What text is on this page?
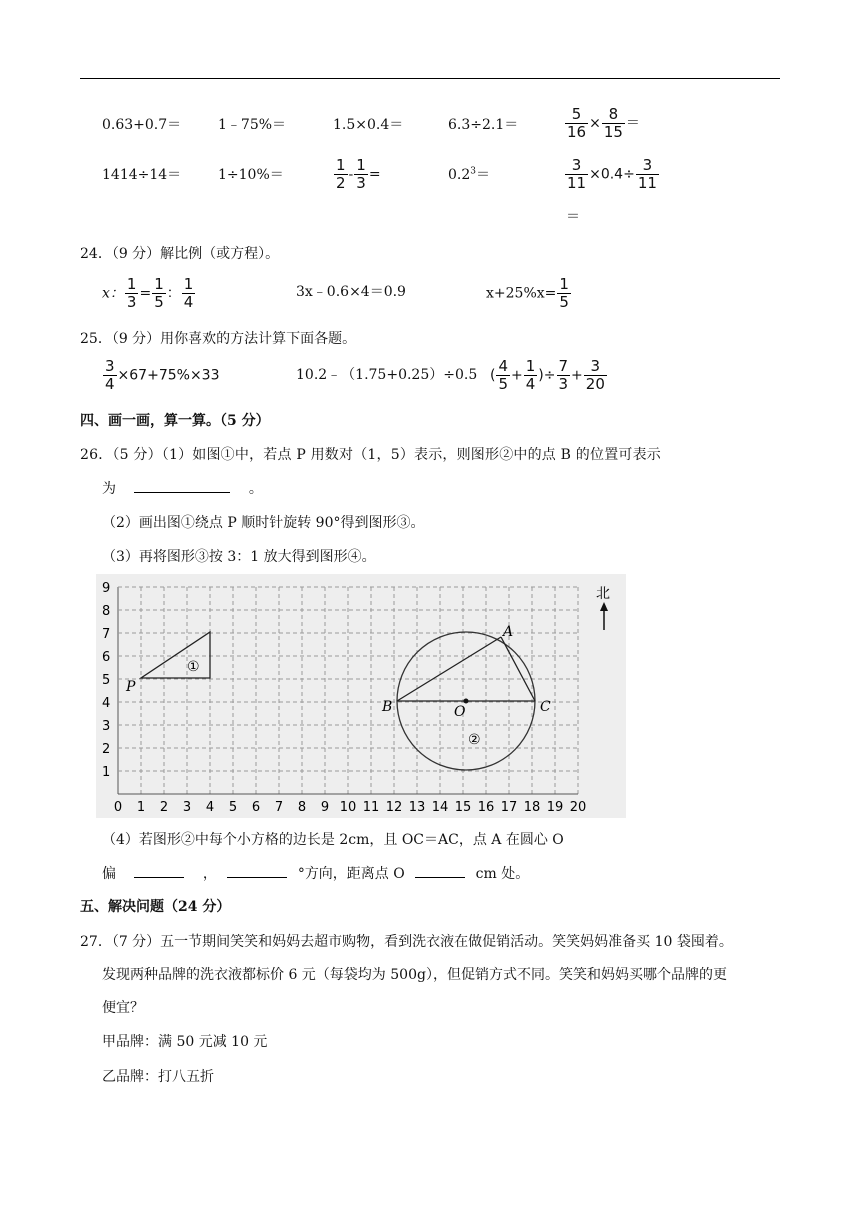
0.63+0.7＝	1﹣75%＝	1.5×0.4＝	6.3÷2.1＝	$\frac{5}{16} \times \frac{8}{15}$ ＝
1414÷14＝	1÷10%＝	$\frac{1}{2} - \frac{1}{3}$ =	$0.2^3=$	$\frac{3}{11} \times 0.4\div \frac{3}{11}$
＝
24．（9 分）解比例（或方程）。
x： $\frac{1}{3} = \frac{1}{5}$ ： $\frac{1}{4}$	3x﹣0.6×4＝0.9	$x+25\%x= \frac{1}{5}$
25．（9 分）用你喜欢的方法计算下面各题。
$\frac{3}{4} \times 67+75\%\times 33$	10.2﹣（1.75+0.25）÷0.5 ( $\frac{4}{5} + \frac{1}{4}$ )÷ $\frac{7}{3} + \frac{3}{20}$
四、画一画，算一算。（5 分）
26．（5 分）（1）如图①中，若点 P 用数对（1，5）表示，则图形②中的点 B 的位置可表示
为	。
（2）画出图①绕点 P 顺时针旋转 90°得到图形③。
（3）再将图形③按 3：1 放大得到图形④。
1
2
3
4
5
6
7
8
9
0 1 2 3 4 5 6 7 8 9 10 11 12 13 14 15 16 17 18 19 20
P
①
A
B	O	C
②
北
（4）若图形②中每个小方格的边长是 2cm，且 OC＝AC，点 A 在圆心 O
偏	，	°方向，距离点 O	cm 处。
五、解决问题（24 分）
27．（7 分）五一节期间笑笑和妈妈去超市购物，看到洗衣液在做促销活动。笑笑妈妈准备买 10 袋囤着。
发现两种品牌的洗衣液都标价 6 元（每袋均为 500g），但促销方式不同。笑笑和妈妈买哪个品牌的更
便宜？
甲品牌：满 50 元减 10 元
乙品牌：打八五折
